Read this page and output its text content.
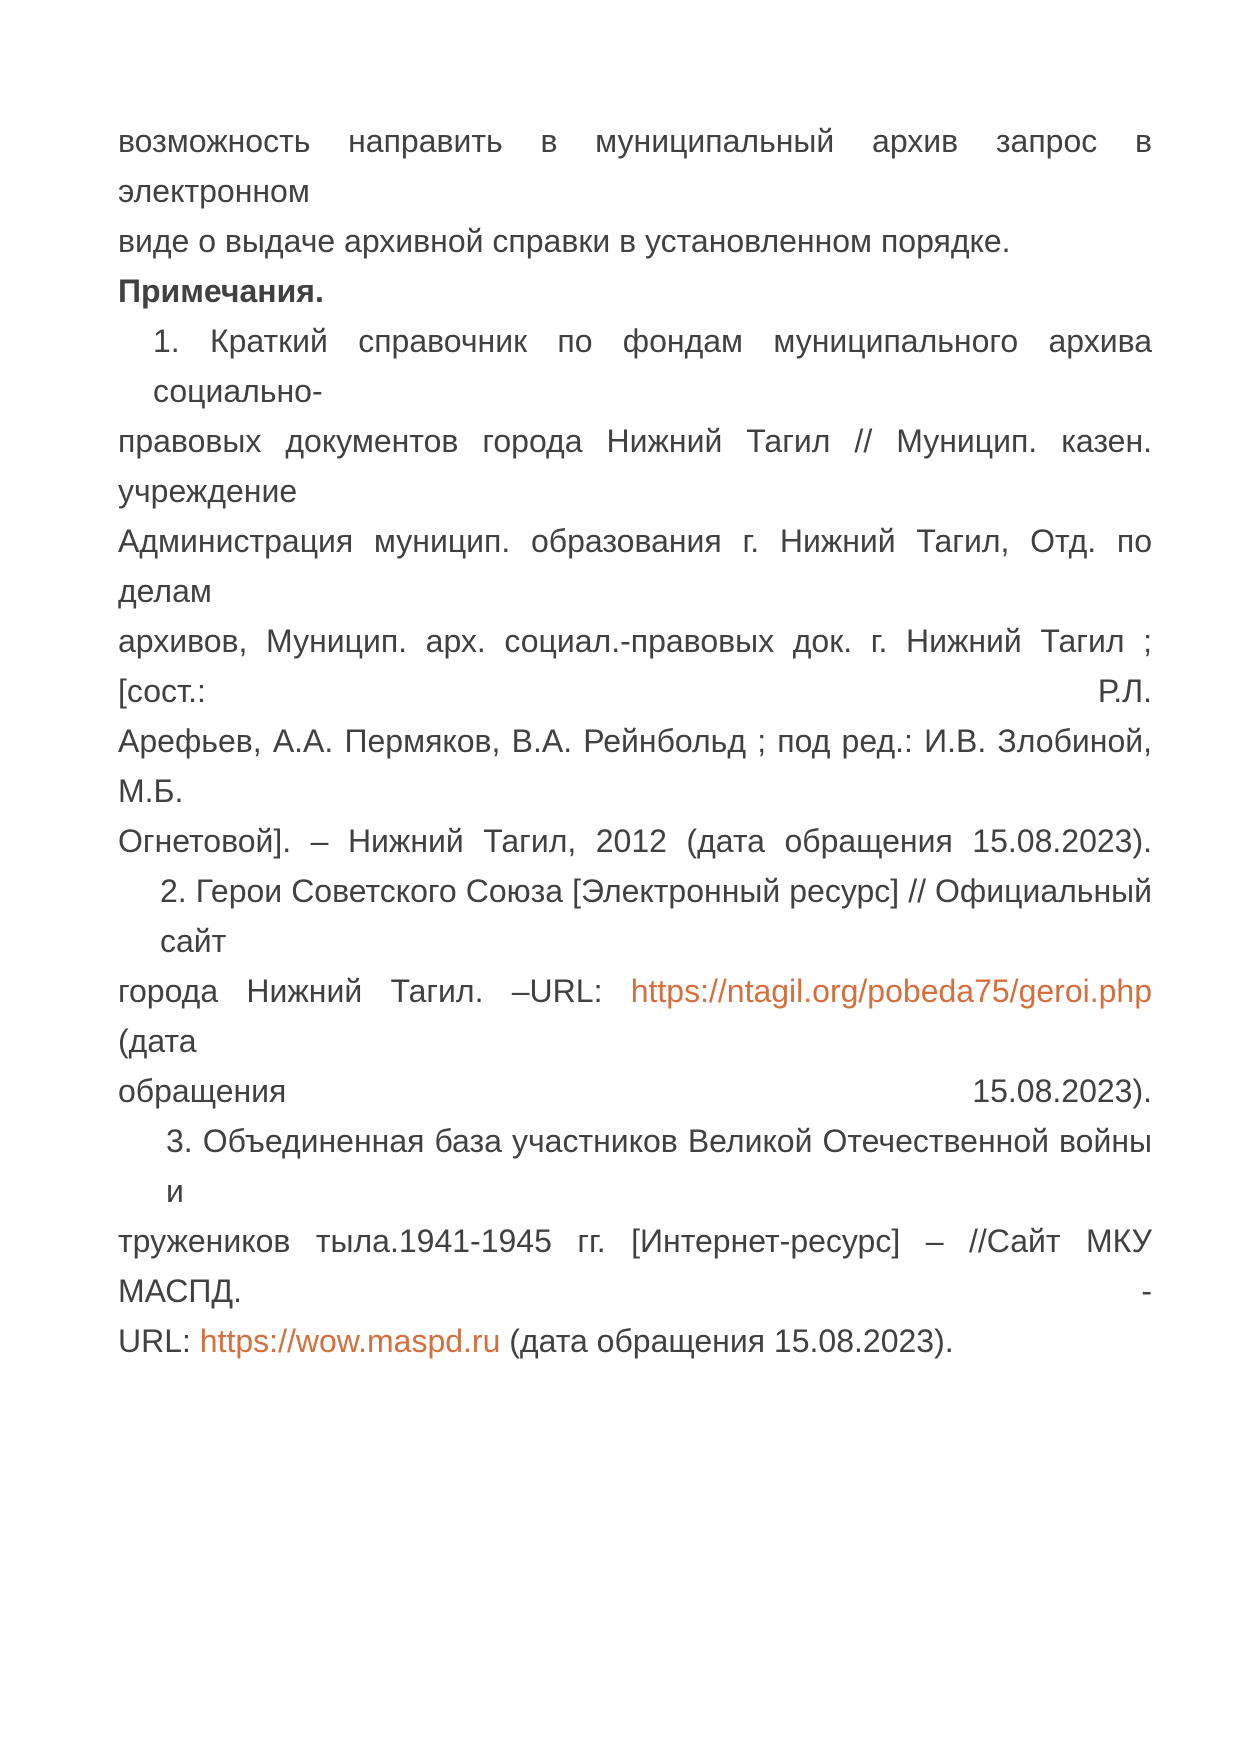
возможность направить в муниципальный архив запрос в электронном
виде о выдаче архивной справки в установленном порядке.
Примечания.
1. Краткий справочник по фондам муниципального архива социально-
правовых документов города Нижний Тагил // Муницип. казен. учреждение
Администрация муницип. образования г. Нижний Тагил, Отд. по делам
архивов, Муницип. арх. социал.-правовых док. г. Нижний Тагил ; [сост.: Р.Л.
Арефьев, А.А. Пермяков, В.А. Рейнбольд ; под ред.: И.В. Злобиной, М.Б.
Огнетовой]. – Нижний Тагил, 2012 (дата обращения 15.08.2023).
2. Герои Советского Союза [Электронный ресурс] // Официальный сайт
города Нижний Тагил. –URL: https://ntagil.org/pobeda75/geroi.php (дата
обращения 15.08.2023).
3. Объединенная база участников Великой Отечественной войны и
тружеников тыла.1941-1945 гг. [Интернет-ресурс] – //Сайт МКУ МАСПД. -
URL: https://wow.maspd.ru (дата обращения 15.08.2023).
